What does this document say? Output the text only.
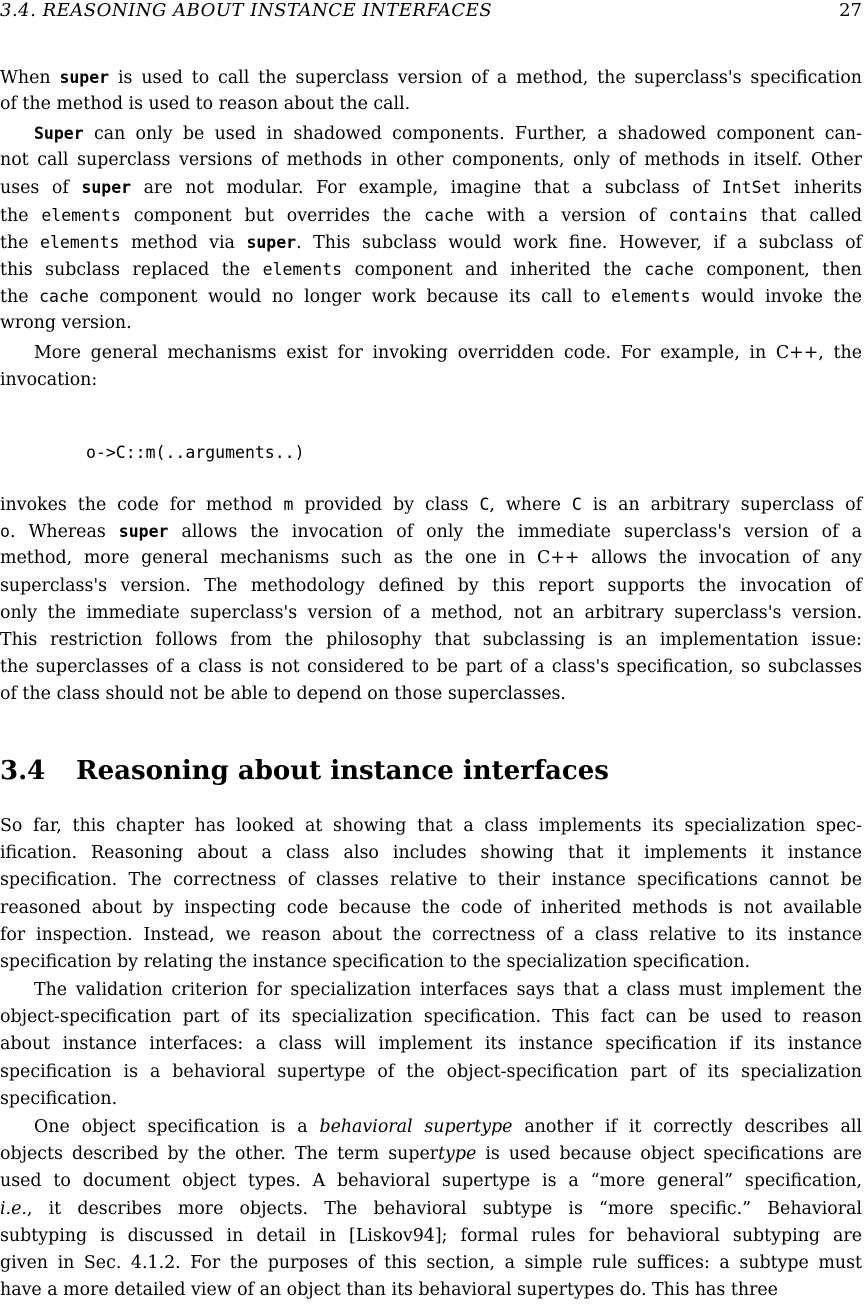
3.4. REASONING ABOUT INSTANCE INTERFACES	27

When super is used to call the superclass version of a method, the superclass's specification
of the method is used to reason about the call.

Super can only be used in shadowed components. Further, a shadowed component can-
not call superclass versions of methods in other components, only of methods in itself. Other
uses of super are not modular. For example, imagine that a subclass of IntSet inherits
the elements component but overrides the cache with a version of contains that called
the elements method via super. This subclass would work fine. However, if a subclass of
this subclass replaced the elements component and inherited the cache component, then
the cache component would no longer work because its call to elements would invoke the
wrong version.

More general mechanisms exist for invoking overridden code. For example, in C++, the
invocation:

o->C::m(..arguments..)

invokes the code for method m provided by class C, where C is an arbitrary superclass of
o. Whereas super allows the invocation of only the immediate superclass's version of a
method, more general mechanisms such as the one in C++ allows the invocation of any
superclass's version. The methodology defined by this report supports the invocation of
only the immediate superclass's version of a method, not an arbitrary superclass's version.
This restriction follows from the philosophy that subclassing is an implementation issue:
the superclasses of a class is not considered to be part of a class's specification, so subclasses
of the class should not be able to depend on those superclasses.

3.4 Reasoning about instance interfaces

So far, this chapter has looked at showing that a class implements its specialization spec-
ification. Reasoning about a class also includes showing that it implements it instance
specification. The correctness of classes relative to their instance specifications cannot be
reasoned about by inspecting code because the code of inherited methods is not available
for inspection. Instead, we reason about the correctness of a class relative to its instance
specification by relating the instance specification to the specialization specification.

The validation criterion for specialization interfaces says that a class must implement the
object-specification part of its specialization specification. This fact can be used to reason
about instance interfaces: a class will implement its instance specification if its instance
specification is a behavioral supertype of the object-specification part of its specialization
specification.

One object specification is a behavioral supertype another if it correctly describes all
objects described by the other. The term supertype is used because object specifications are
used to document object types. A behavioral supertype is a “more general” specification,
i.e., it describes more objects. The behavioral subtype is “more specific.” Behavioral
subtyping is discussed in detail in [Liskov94]; formal rules for behavioral subtyping are
given in Sec. 4.1.2. For the purposes of this section, a simple rule suffices: a subtype must
have a more detailed view of an object than its behavioral supertypes do. This has three
